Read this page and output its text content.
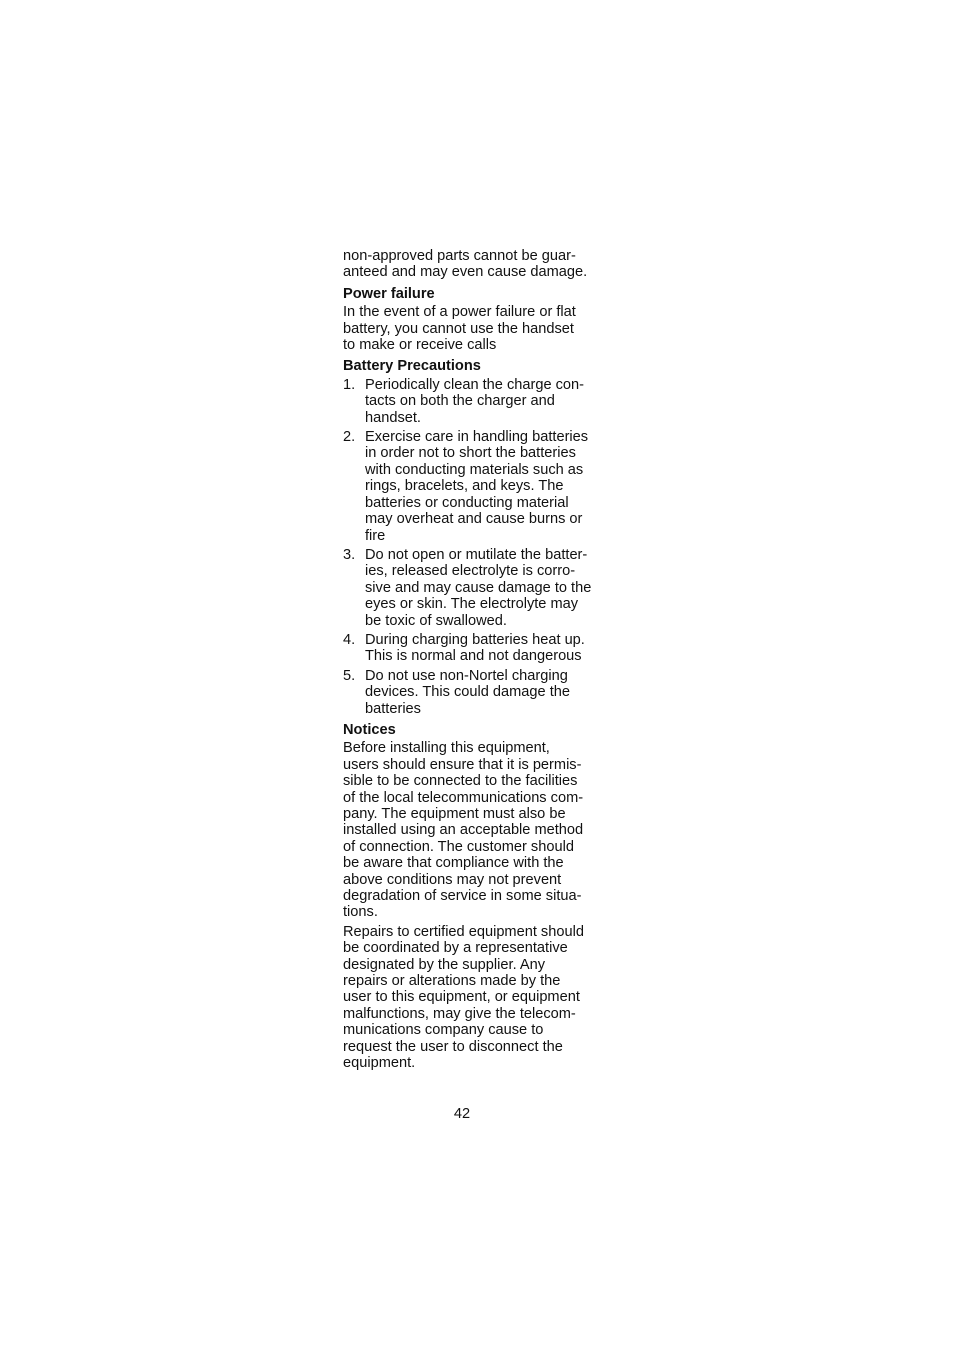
non-approved parts cannot be guar-
anteed and may even cause damage.

Power failure

In the event of a power failure or flat
battery, you cannot use the handset
to make or receive calls

Battery Precautions

1. Periodically clean the charge con-
tacts on both the charger and
handset.
2. Exercise care in handling batteries
in order not to short the batteries
with conducting materials such as
rings, bracelets, and keys. The
batteries or conducting material
may overheat and cause burns or
fire
3. Do not open or mutilate the batter-
ies, released electrolyte is corro-
sive and may cause damage to the
eyes or skin. The electrolyte may
be toxic of swallowed.
4. During charging batteries heat up.
This is normal and not dangerous
5. Do not use non-Nortel charging
devices. This could damage the
batteries

Notices

Before installing this equipment,
users should ensure that it is permis-
sible to be connected to the facilities
of the local telecommunications com-
pany. The equipment must also be
installed using an acceptable method
of connection. The customer should
be aware that compliance with the
above conditions may not prevent
degradation of service in some situa-
tions.

Repairs to certified equipment should
be coordinated by a representative
designated by the supplier. Any
repairs or alterations made by the
user to this equipment, or equipment
malfunctions, may give the telecom-
munications company cause to
request the user to disconnect the
equipment.

42
